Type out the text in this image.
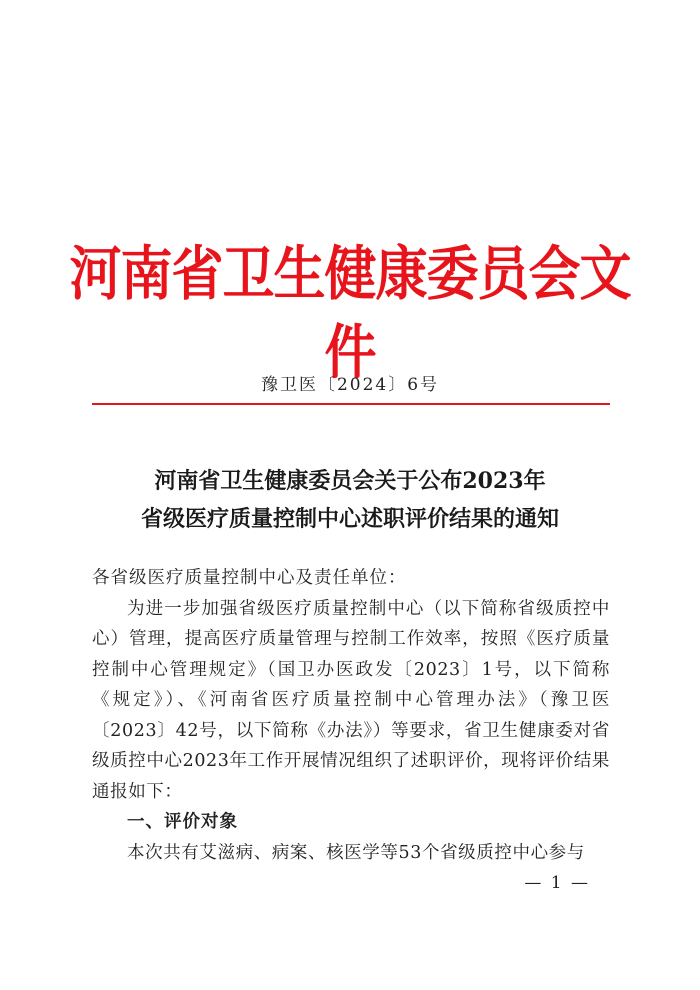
河南省卫生健康委员会文件
豫卫医〔2024〕6号
河南省卫生健康委员会关于公布2023年
省级医疗质量控制中心述职评价结果的通知

各省级医疗质量控制中心及责任单位：

为进一步加强省级医疗质量控制中心（以下简称省级质控中心）管理，提高医疗质量管理与控制工作效率，按照《医疗质量控制中心管理规定》（国卫办医政发〔2023〕1号，以下简称《规定》）、《河南省医疗质量控制中心管理办法》（豫卫医〔2023〕42号，以下简称《办法》）等要求，省卫生健康委对省级质控中心2023年工作开展情况组织了述职评价，现将评价结果通报如下：

一、评价对象

本次共有艾滋病、病案、核医学等53个省级质控中心参与

— 1 —
